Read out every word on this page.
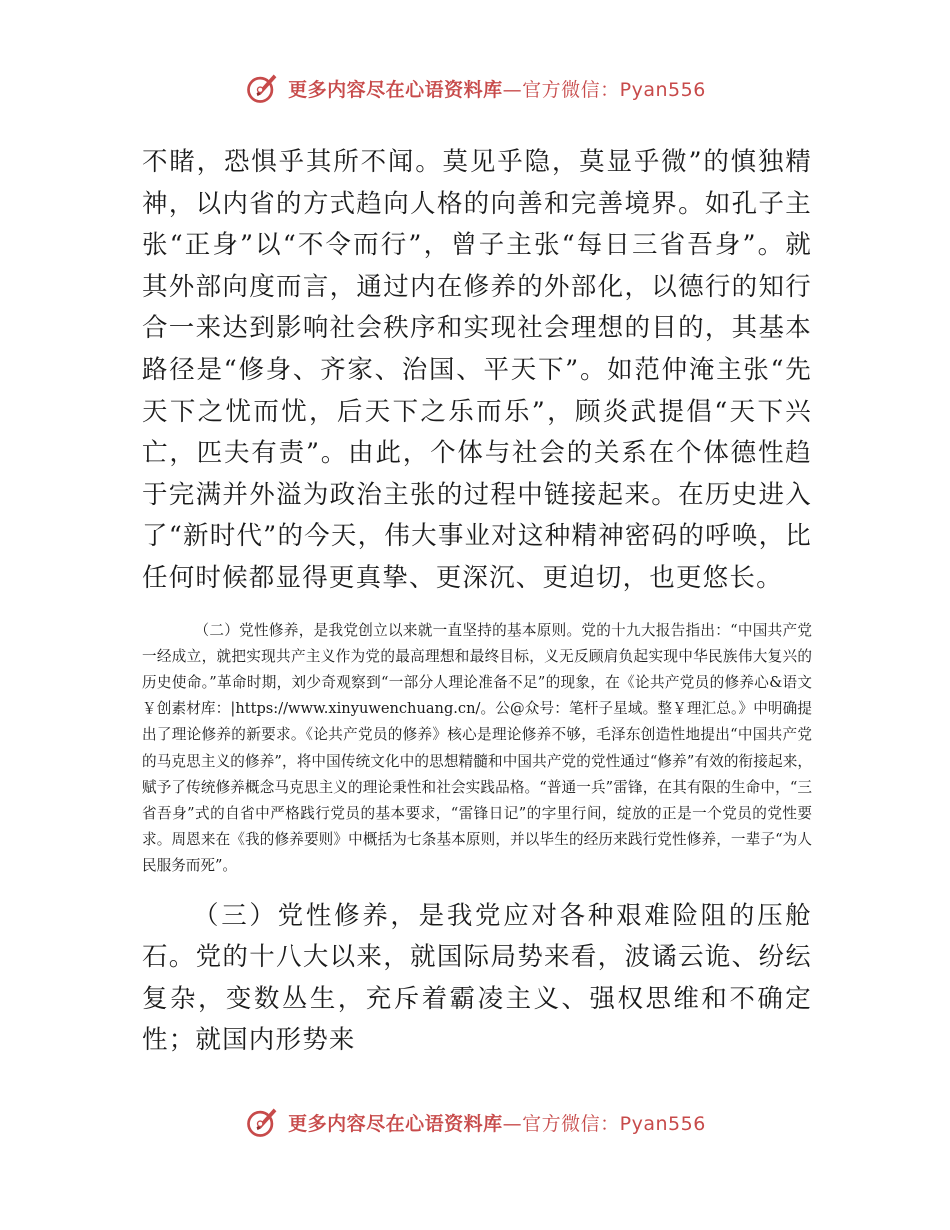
更多内容尽在心语资料库—官方微信：Pyan556

不睹，恐惧乎其所不闻。莫见乎隐，莫显乎微”的慎独精神，以内省的方式趋向人格的向善和完善境界。如孔子主张“正身”以“不令而行”，曾子主张“每日三省吾身”。就其外部向度而言，通过内在修养的外部化，以德行的知行合一来达到影响社会秩序和实现社会理想的目的，其基本路径是“修身、齐家、治国、平天下”。如范仲淹主张“先天下之忧而忧，后天下之乐而乐”，顾炎武提倡“天下兴亡，匹夫有责”。由此，个体与社会的关系在个体德性趋于完满并外溢为政治主张的过程中链接起来。在历史进入了“新时代”的今天，伟大事业对这种精神密码的呼唤，比任何时候都显得更真挚、更深沉、更迫切，也更悠长。

（二）党性修养，是我党创立以来就一直坚持的基本原则。党的十九大报告指出：“中国共产党一经成立，就把实现共产主义作为党的最高理想和最终目标，义无反顾肩负起实现中华民族伟大复兴的历史使命。”革命时期，刘少奇观察到“一部分人理论准备不足”的现象，在《论共产党员的修养心&语文￥创素材库：|https://www.xinyuwenchuang.cn/。公@众号：笔杆子星域。整￥理汇总。》中明确提出了理论修养的新要求。《论共产党员的修养》核心是理论修养不够，毛泽东创造性地提出“中国共产党的马克思主义的修养”，将中国传统文化中的思想精髓和中国共产党的党性通过“修养”有效的衔接起来，赋予了传统修养概念马克思主义的理论秉性和社会实践品格。“普通一兵”雷锋，在其有限的生命中，“三省吾身”式的自省中严格践行党员的基本要求，“雷锋日记”的字里行间，绽放的正是一个党员的党性要求。周恩来在《我的修养要则》中概括为七条基本原则，并以毕生的经历来践行党性修养，一辈子“为人民服务而死”。

（三）党性修养，是我党应对各种艰难险阻的压舱石。党的十八大以来，就国际局势来看，波谲云诡、纷纭复杂，变数丛生，充斥着霸凌主义、强权思维和不确定性；就国内形势来

更多内容尽在心语资料库—官方微信：Pyan556
